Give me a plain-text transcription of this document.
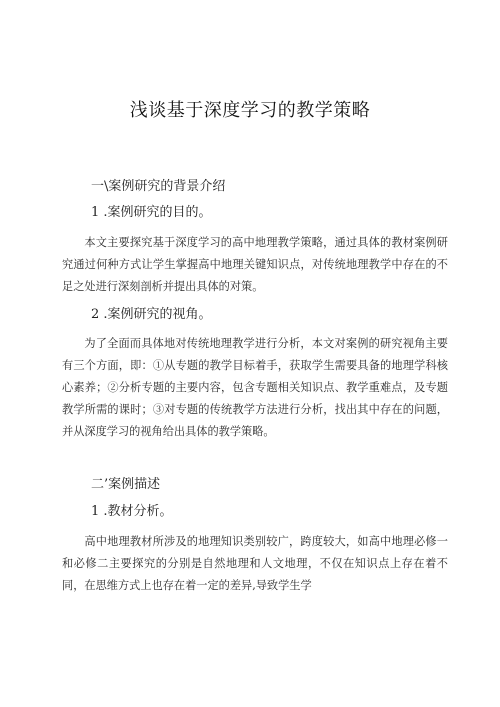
浅谈基于深度学习的教学策略
一\案例研究的背景介绍
1 .案例研究的目的。
本文主要探究基于深度学习的高中地理教学策略，通过具体的教材案例研究通过何种方式让学生掌握高中地理关键知识点，对传统地理教学中存在的不足之处进行深刻剖析并提出具体的对策。
2 .案例研究的视角。
为了全面而具体地对传统地理教学进行分析，本文对案例的研究视角主要有三个方面，即：①从专题的教学目标着手，获取学生需要具备的地理学科核心素养；②分析专题的主要内容，包含专题相关知识点、教学重难点，及专题教学所需的课时；③对专题的传统教学方法进行分析，找出其中存在的问题，并从深度学习的视角给出具体的教学策略。
二’案例描述
1 .教材分析。
高中地理教材所涉及的地理知识类别较广，跨度较大，如高中地理必修一和必修二主要探究的分别是自然地理和人文地理，不仅在知识点上存在着不同，在思维方式上也存在着一定的差异,导致学生学
